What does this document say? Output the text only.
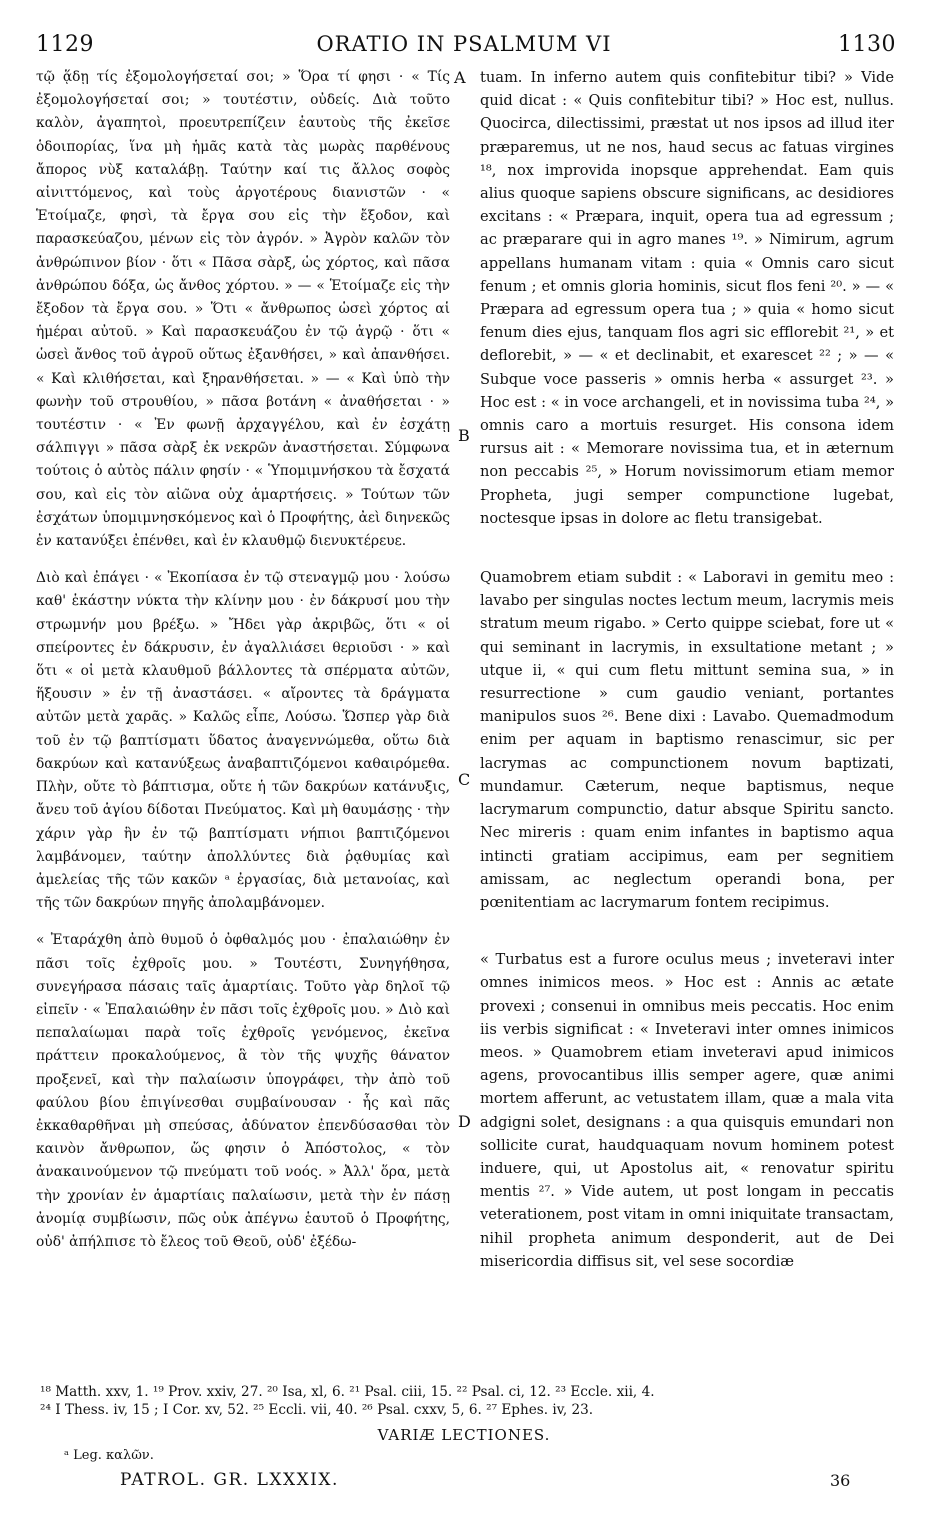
1129	ORATIO IN PSALMUM VI	1130

τῷ ᾅδῃ τίς ἐξομολογήσεταί σοι; » Ὅρα τί φησι · « Τίς ἐξομολογήσεταί σοι; » τουτέστιν, οὐδείς. Διὰ τοῦτο καλὸν, ἀγαπητοὶ, προευτρεπίζειν ἑαυτοὺς τῆς ἐκεῖσε ὁδοιπορίας, ἵνα μὴ ἡμᾶς κατὰ τὰς μωρὰς παρθένους ἄπορος νὺξ καταλάβῃ. Ταύτην καί τις ἄλλος σοφὸς αἰνιττόμενος, καὶ τοὺς ἀργοτέρους διανιστῶν · « Ἑτοίμαζε, φησὶ, τὰ ἔργα σου εἰς τὴν ἔξοδον, καὶ παρασκεύαζου, μένων εἰς τὸν ἀγρόν. » Ἀγρὸν καλῶν τὸν ἀνθρώπινον βίον · ὅτι « Πᾶσα σὰρξ, ὡς χόρτος, καὶ πᾶσα ἀνθρώπου δόξα, ὡς ἄνθος χόρτου. » — « Ἑτοίμαζε εἰς τὴν ἔξοδον τὰ ἔργα σου. » Ὅτι « ἄνθρωπος ὡσεὶ χόρτος αἱ ἡμέραι αὐτοῦ. » Καὶ παρασκευάζου ἐν τῷ ἀγρῷ · ὅτι « ὡσεὶ ἄνθος τοῦ ἀγροῦ οὕτως ἐξανθήσει, » καὶ ἀπανθήσει. « Καὶ κλιθήσεται, καὶ ξηρανθήσεται. » — « Καὶ ὑπὸ τὴν φωνὴν τοῦ στρουθίου, » πᾶσα βοτάνη « ἀναθήσεται · » τουτέστιν · « Ἐν φωνῇ ἀρχαγγέλου, καὶ ἐν ἐσχάτῃ σάλπιγγι » πᾶσα σὰρξ ἐκ νεκρῶν ἀναστήσεται. Σύμφωνα τούτοις ὁ αὐτὸς πάλιν φησίν · « Ὑπομιμνήσκου τὰ ἔσχατά σου, καὶ εἰς τὸν αἰῶνα οὐχ ἁμαρτήσεις. » Τούτων τῶν ἐσχάτων ὑπομιμνησκόμενος καὶ ὁ Προφήτης, ἀεὶ διηνεκῶς ἐν κατανύξει ἐπένθει, καὶ ἐν κλαυθμῷ διενυκτέρευε.

Διὸ καὶ ἐπάγει · « Ἐκοπίασα ἐν τῷ στεναγμῷ μου · λούσω καθ' ἑκάστην νύκτα τὴν κλίνην μου · ἐν δάκρυσί μου τὴν στρωμνήν μου βρέξω. » Ἤδει γὰρ ἀκριβῶς, ὅτι « οἱ σπείροντες ἐν δάκρυσιν, ἐν ἀγαλλιάσει θεριοῦσι · » καὶ ὅτι « οἱ μετὰ κλαυθμοῦ βάλλοντες τὰ σπέρματα αὐτῶν, ἥξουσιν » ἐν τῇ ἀναστάσει. « αἴροντες τὰ δράγματα αὐτῶν μετὰ χαρᾶς. » Καλῶς εἶπε, Λούσω. Ὥσπερ γὰρ διὰ τοῦ ἐν τῷ βαπτίσματι ὕδατος ἀναγεννώμεθα, οὕτω διὰ δακρύων καὶ κατανύξεως ἀναβαπτιζόμενοι καθαιρόμεθα. Πλὴν, οὔτε τὸ βάπτισμα, οὔτε ἡ τῶν δακρύων κατάνυξις, ἄνευ τοῦ ἁγίου δίδοται Πνεύματος. Καὶ μὴ θαυμάσῃς · τὴν χάριν γὰρ ἣν ἐν τῷ βαπτίσματι νήπιοι βαπτιζόμενοι λαμβάνομεν, ταύτην ἀπολλύντες διὰ ῥᾳθυμίας καὶ ἀμελείας τῆς τῶν κακῶν ᵃ ἐργασίας, διὰ μετανοίας, καὶ τῆς τῶν δακρύων πηγῆς ἀπολαμβάνομεν.

« Ἐταράχθη ἀπὸ θυμοῦ ὁ ὀφθαλμός μου · ἐπαλαιώθην ἐν πᾶσι τοῖς ἐχθροῖς μου. » Τουτέστι, Συνηγήθησα, συνεγήρασα πάσαις ταῖς ἁμαρτίαις. Τοῦτο γὰρ δηλοῖ τῷ εἰπεῖν · « Ἐπαλαιώθην ἐν πᾶσι τοῖς ἐχθροῖς μου. » Διὸ καὶ πεπαλαίωμαι παρὰ τοῖς ἐχθροῖς γενόμενος, ἐκεῖνα πράττειν προκαλούμενος, ἃ τὸν τῆς ψυχῆς θάνατον προξενεῖ, καὶ τὴν παλαίωσιν ὑπογράφει, τὴν ἀπὸ τοῦ φαύλου βίου ἐπιγίνεσθαι συμβαίνουσαν · ἧς καὶ πᾶς ἐκκαθαρθῆναι μὴ σπεύσας, ἀδύνατον ἐπενδύσασθαι τὸν καινὸν ἄνθρωπον, ὥς φησιν ὁ Ἀπόστολος, « τὸν ἀνακαινούμενον τῷ πνεύματι τοῦ νοός. » Ἀλλ' ὅρα, μετὰ τὴν χρονίαν ἐν ἁμαρτίαις παλαίωσιν, μετὰ τὴν ἐν πάσῃ ἀνομίᾳ συμβίωσιν, πῶς οὐκ ἀπέγνω ἑαυτοῦ ὁ Προφήτης, οὐδ' ἀπήλπισε τὸ ἔλεος τοῦ Θεοῦ, οὐδ' ἐξέδω-

A
B
C
D

tuam. In inferno autem quis confitebitur tibi? » Vide quid dicat : « Quis confitebitur tibi? » Hoc est, nullus. Quocirca, dilectissimi, præstat ut nos ipsos ad illud iter præparemus, ut ne nos, haud secus ac fatuas virgines ¹⁸, nox improvida inopsque apprehendat. Eam quis alius quoque sapiens obscure significans, ac desidiores excitans : « Præpara, inquit, opera tua ad egressum ; ac præparare qui in agro manes ¹⁹. » Nimirum, agrum appellans humanam vitam : quia « Omnis caro sicut fenum ; et omnis gloria hominis, sicut flos feni ²⁰. » — « Præpara ad egressum opera tua ; » quia « homo sicut fenum dies ejus, tanquam flos agri sic efflorebit ²¹, » et deflorebit, » — « et declinabit, et exarescet ²² ; » — « Subque voce passeris » omnis herba « assurget ²³. » Hoc est : « in voce archangeli, et in novissima tuba ²⁴, » omnis caro a mortuis resurget. His consona idem rursus ait : « Memorare novissima tua, et in æternum non peccabis ²⁵, » Horum novissimorum etiam memor Propheta, jugi semper compunctione lugebat, noctesque ipsas in dolore ac fletu transigebat.

Quamobrem etiam subdit : « Laboravi in gemitu meo : lavabo per singulas noctes lectum meum, lacrymis meis stratum meum rigabo. » Certo quippe sciebat, fore ut « qui seminant in lacrymis, in exsultatione metant ; » utque ii, « qui cum fletu mittunt semina sua, » in resurrectione » cum gaudio veniant, portantes manipulos suos ²⁶. Bene dixi : Lavabo. Quemadmodum enim per aquam in baptismo renascimur, sic per lacrymas ac compunctionem novum baptizati, mundamur. Cæterum, neque baptismus, neque lacrymarum compunctio, datur absque Spiritu sancto. Nec mireris : quam enim infantes in baptismo aqua intincti gratiam accipimus, eam per segnitiem amissam, ac neglectum operandi bona, per pœnitentiam ac lacrymarum fontem recipimus.

« Turbatus est a furore oculus meus ; inveteravi inter omnes inimicos meos. » Hoc est : Annis ac ætate provexi ; consenui in omnibus meis peccatis. Hoc enim iis verbis significat : « Inveteravi inter omnes inimicos meos. » Quamobrem etiam inveteravi apud inimicos agens, provocantibus illis semper agere, quæ animi mortem afferunt, ac vetustatem illam, quæ a mala vita adgigni solet, designans : a qua quisquis emundari non sollicite curat, haudquaquam novum hominem potest induere, qui, ut Apostolus ait, « renovatur spiritu mentis ²⁷. » Vide autem, ut post longam in peccatis veterationem, post vitam in omni iniquitate transactam, nihil propheta animum desponderit, aut de Dei misericordia diffisus sit, vel sese socordiæ

¹⁸ Matth. xxv, 1. ¹⁹ Prov. xxiv, 27. ²⁰ Isa, xl, 6. ²¹ Psal. ciii, 15. ²² Psal. ci, 12. ²³ Eccle. xii, 4.
²⁴ I Thess. iv, 15 ; I Cor. xv, 52. ²⁵ Eccli. vii, 40. ²⁶ Psal. cxxv, 5, 6. ²⁷ Ephes. iv, 23.
VARIÆ LECTIONES.
ᵃ Leg. καλῶν.
PATROL. GR. LXXXIX.	36
